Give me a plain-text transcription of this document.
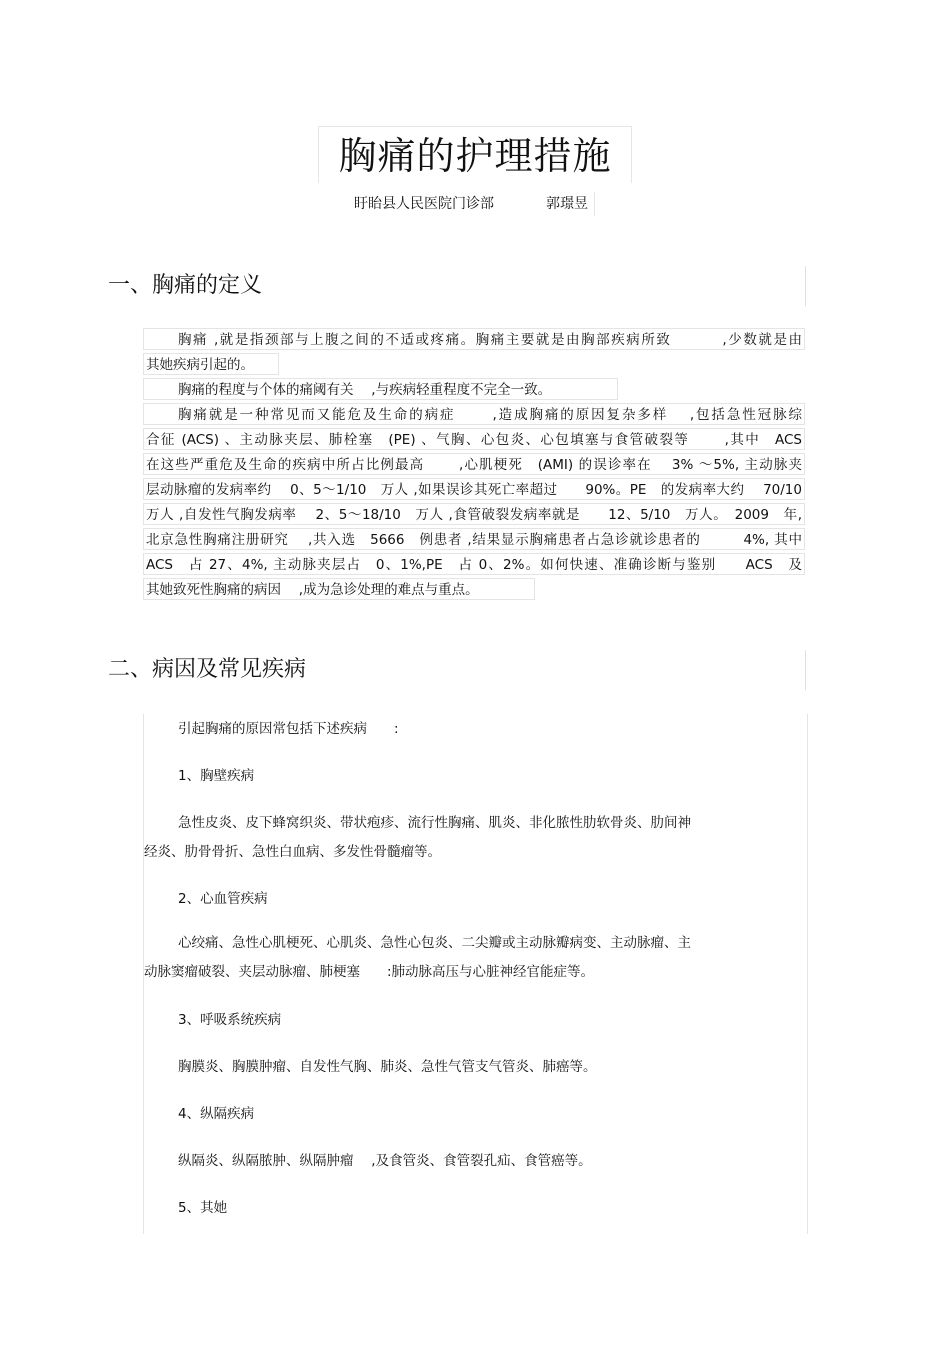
胸痛的护理措施
盱眙县人民医院门诊部	郭璟昱
一、胸痛的定义
胸痛 ,就是指颈部与上腹之间的不适或疼痛。胸痛主要就是由胸部疾病所致　　　 ,少数就是由
其她疾病引起的。
胸痛的程度与个体的痛阈有关　 ,与疾病轻重程度不完全一致。
胸痛就是一种常见而又能危及生命的病症　　 ,造成胸痛的原因复杂多样　 ,包括急性冠脉综
合征 (ACS) 、主动脉夹层、肺栓塞　(PE) 、气胸、心包炎、心包填塞与食管破裂等　　 ,其中　ACS
在这些严重危及生命的疾病中所占比例最高　　 ,心肌梗死　(AMI) 的误诊率在　 3% ～5%, 主动脉夹
层动脉瘤的发病率约　 0、5～1/10　万人 ,如果误诊其死亡率超过　　90%。PE　的发病率大约　 70/10
万人 ,自发性气胸发病率　 2、5～18/10　万人 ,食管破裂发病率就是　　12、5/10　万人。　2009　年,
北京急性胸痛注册研究　 ,共入选　5666　例患者 ,结果显示胸痛患者占急诊就诊患者的　　　4%, 其中
ACS　占 27、4%, 主动脉夹层占　0、1%,PE　占 0、2%。如何快速、准确诊断与鉴别　　ACS　及
其她致死性胸痛的病因　 ,成为急诊处理的难点与重点。
二、病因及常见疾病
引起胸痛的原因常包括下述疾病　　:
1、胸壁疾病
急性皮炎、皮下蜂窝织炎、带状疱疹、流行性胸痛、肌炎、非化脓性肋软骨炎、肋间神
经炎、肋骨骨折、急性白血病、多发性骨髓瘤等。
2、心血管疾病
心绞痛、急性心肌梗死、心肌炎、急性心包炎、二尖瓣或主动脉瓣病变、主动脉瘤、主
动脉窦瘤破裂、夹层动脉瘤、肺梗塞　　:肺动脉高压与心脏神经官能症等。
3、呼吸系统疾病
胸膜炎、胸膜肿瘤、自发性气胸、肺炎、急性气管支气管炎、肺癌等。
4、纵隔疾病
纵隔炎、纵隔脓肿、纵隔肿瘤　 ,及食管炎、食管裂孔疝、食管癌等。
5、其她
